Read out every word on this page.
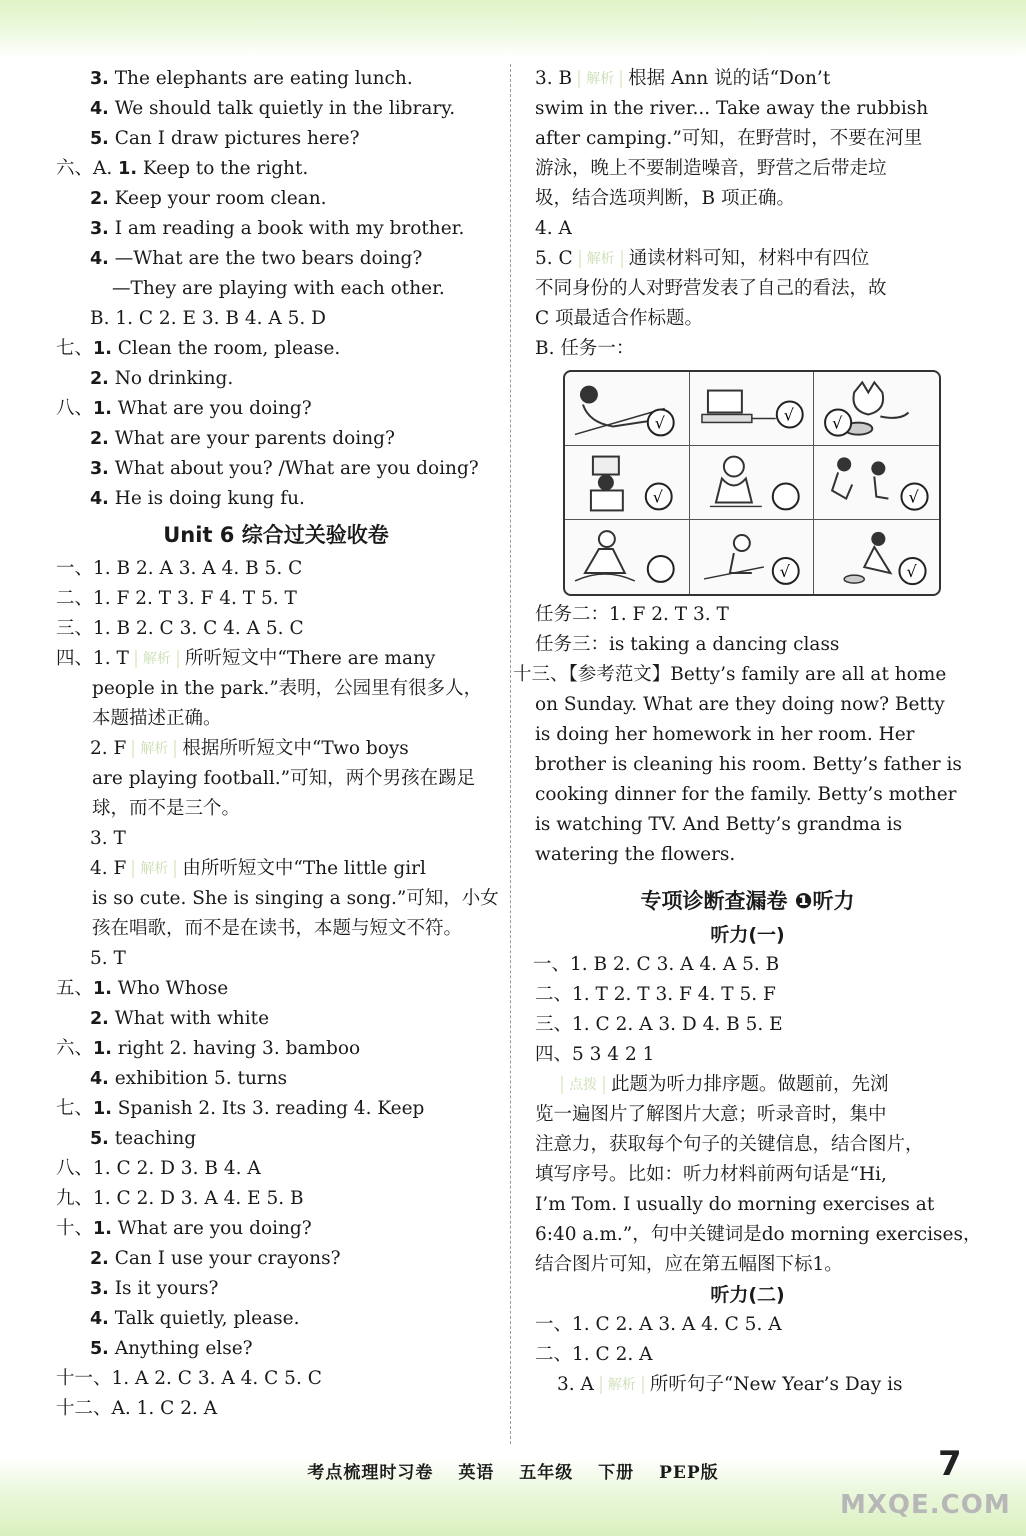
3. The elephants are eating lunch.
4. We should talk quietly in the library.
5. Can I draw pictures here?
六、A. 1. Keep to the right.
2. Keep your room clean.
3. I am reading a book with my brother.
4. —What are the two bears doing?
—They are playing with each other.
B. 1. C 2. E 3. B 4. A 5. D
七、1. Clean the room, please.
2. No drinking.
八、1. What are you doing?
2. What are your parents doing?
3. What about you? /What are you doing?
4. He is doing kung fu.
Unit 6 综合过关验收卷
一、1. B 2. A 3. A 4. B 5. C
二、1. F 2. T 3. F 4. T 5. T
三、1. B 2. C 3. C 4. A 5. C
四、1. T 解析 所听短文中“There are many
people in the park.”表明，公园里有很多人，
本题描述正确。
2. F 解析 根据所听短文中“Two boys
are playing football.”可知，两个男孩在踢足
球，而不是三个。
3. T
4. F 解析 由所听短文中“The little girl
is so cute. She is singing a song.”可知，小女
孩在唱歌，而不是在读书，本题与短文不符。
5. T
五、1. Who Whose
2. What with white
六、1. right 2. having 3. bamboo
4. exhibition 5. turns
七、1. Spanish 2. Its 3. reading 4. Keep
5. teaching
八、1. C 2. D 3. B 4. A
九、1. C 2. D 3. A 4. E 5. B
十、1. What are you doing?
2. Can I use your crayons?
3. Is it yours?
4. Talk quietly, please.
5. Anything else?
十一、1. A 2. C 3. A 4. C 5. C
十二、A. 1. C 2. A
3. B 解析 根据 Ann 说的话“Don’t
swim in the river... Take away the rubbish
after camping.”可知，在野营时，不要在河里
游泳，晚上不要制造噪音，野营之后带走垃
圾，结合选项判断，B 项正确。
4. A
5. C 解析 通读材料可知，材料中有四位
不同身份的人对野营发表了自己的看法，故
C 项最适合作标题。
B. 任务一：
√	√ √
√	√
√	√
任务二：1. F 2. T 3. T
任务三：is taking a dancing class
十三、【参考范文】Betty’s family are all at home
on Sunday. What are they doing now? Betty
is doing her homework in her room. Her
brother is cleaning his room. Betty’s father is
cooking dinner for the family. Betty’s mother
is watching TV. And Betty’s grandma is
watering the flowers.
专项诊断查漏卷 ❶听力
听力(一)
一、1. B 2. C 3. A 4. A 5. B
二、1. T 2. T 3. F 4. T 5. F
三、1. C 2. A 3. D 4. B 5. E
四、5 3 4 2 1
点拨 此题为听力排序题。做题前，先浏
览一遍图片了解图片大意；听录音时，集中
注意力，获取每个句子的关键信息，结合图片，
填写序号。比如：听力材料前两句话是“Hi,
I’m Tom. I usually do morning exercises at
6:40 a.m.”，句中关键词是do morning exercises，
结合图片可知，应在第五幅图下标1。
听力(二)
一、1. C 2. A 3. A 4. C 5. A
二、1. C 2. A
3. A 解析 所听句子“New Year’s Day is
考点梳理时习卷 英语 五年级 下册 PEP版	7
MXQE.COM
